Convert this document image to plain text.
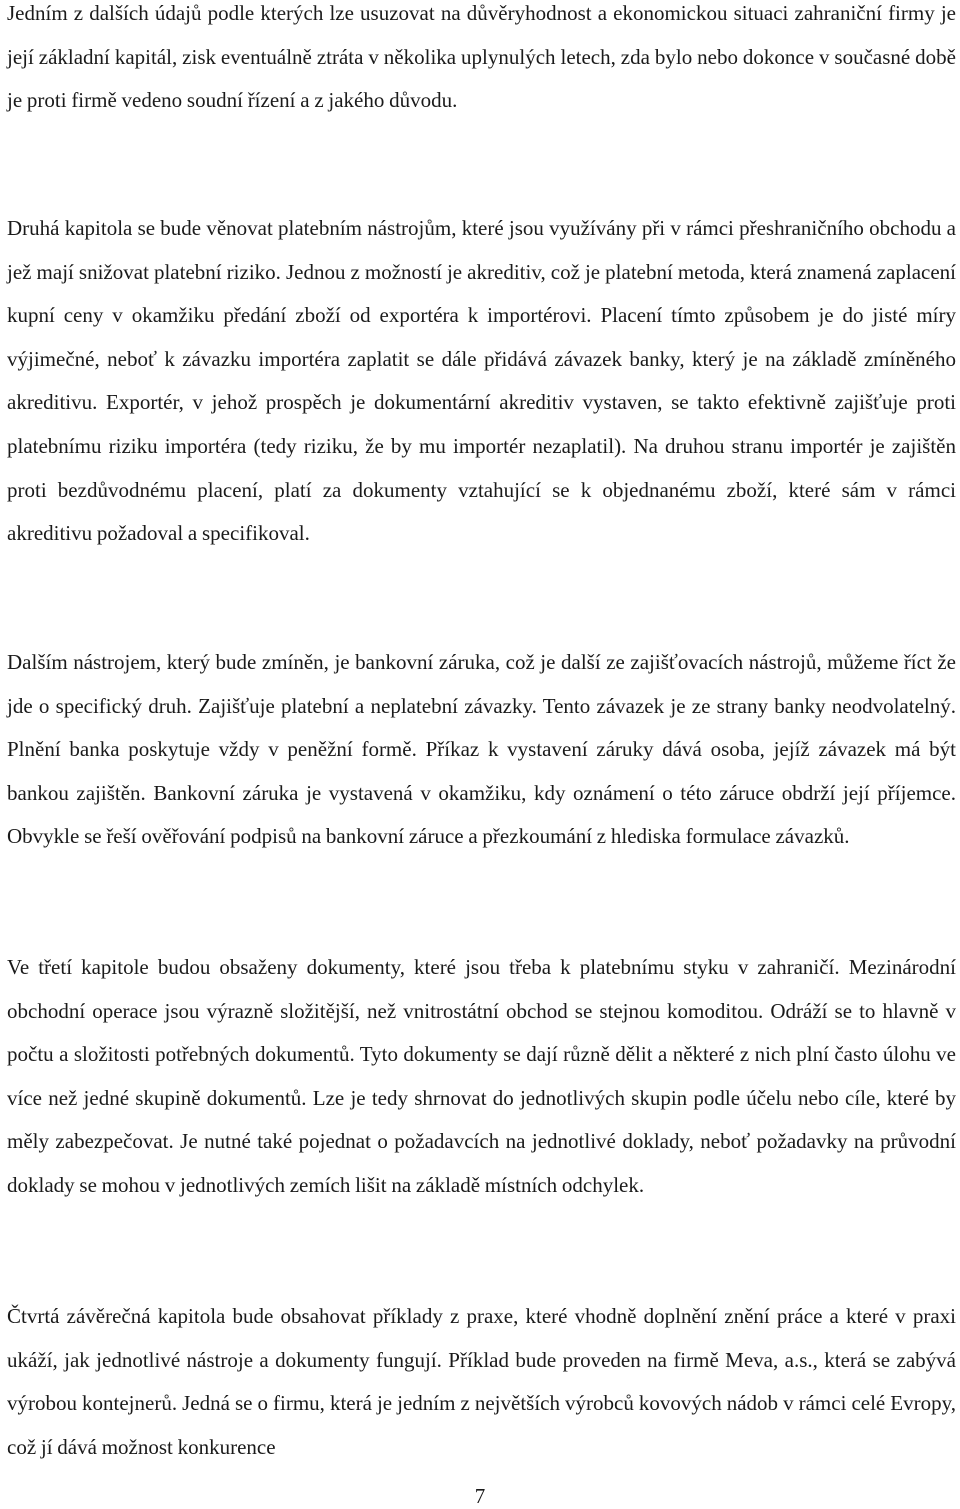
Jedním z dalších údajů podle kterých lze usuzovat na důvěryhodnost a ekonomickou situaci zahraniční firmy je její základní kapitál, zisk eventuálně ztráta v několika uplynulých letech, zda bylo nebo dokonce v současné době je proti firmě vedeno soudní řízení a z jakého důvodu.

Druhá kapitola se bude věnovat platebním nástrojům, které jsou využívány při v rámci přeshraničního obchodu a jež mají snižovat platební riziko. Jednou z možností je akreditiv, což je platební metoda, která znamená zaplacení kupní ceny v okamžiku předání zboží od exportéra k importérovi. Placení tímto způsobem je do jisté míry výjimečné, neboť k závazku importéra zaplatit se dále přidává závazek banky, který je na základě zmíněného akreditivu. Exportér, v jehož prospěch je dokumentární akreditiv vystaven, se takto efektivně zajišťuje proti platebnímu riziku importéra (tedy riziku, že by mu importér nezaplatil). Na druhou stranu importér je zajištěn proti bezdůvodnému placení, platí za dokumenty vztahující se k objednanému zboží, které sám v rámci akreditivu požadoval a specifikoval.

Dalším nástrojem, který bude zmíněn, je bankovní záruka, což je další ze zajišťovacích nástrojů, můžeme říct že jde o specifický druh. Zajišťuje platební a neplatební závazky. Tento závazek je ze strany banky neodvolatelný. Plnění banka poskytuje vždy v peněžní formě. Příkaz k vystavení záruky dává osoba, jejíž závazek má být bankou zajištěn. Bankovní záruka je vystavená v okamžiku, kdy oznámení o této záruce obdrží její příjemce. Obvykle se řeší ověřování podpisů na bankovní záruce a přezkoumání z hlediska formulace závazků.

Ve třetí kapitole budou obsaženy dokumenty, které jsou třeba k platebnímu styku v zahraničí. Mezinárodní obchodní operace jsou výrazně složitější, než vnitrostátní obchod se stejnou komoditou. Odráží se to hlavně v počtu a složitosti potřebných dokumentů. Tyto dokumenty se dají různě dělit a některé z nich plní často úlohu ve více než jedné skupině dokumentů. Lze je tedy shrnovat do jednotlivých skupin podle účelu nebo cíle, které by měly zabezpečovat. Je nutné také pojednat o požadavcích na jednotlivé doklady, neboť požadavky na průvodní doklady se mohou v jednotlivých zemích lišit na základě místních odchylek.

Čtvrtá závěrečná kapitola bude obsahovat příklady z praxe, které vhodně doplnění znění práce a které v praxi ukáží, jak jednotlivé nástroje a dokumenty fungují. Příklad bude proveden na firmě Meva, a.s., která se zabývá výrobou kontejnerů. Jedná se o firmu, která je jedním z největších výrobců kovových nádob v rámci celé Evropy, což jí dává možnost konkurence

7
